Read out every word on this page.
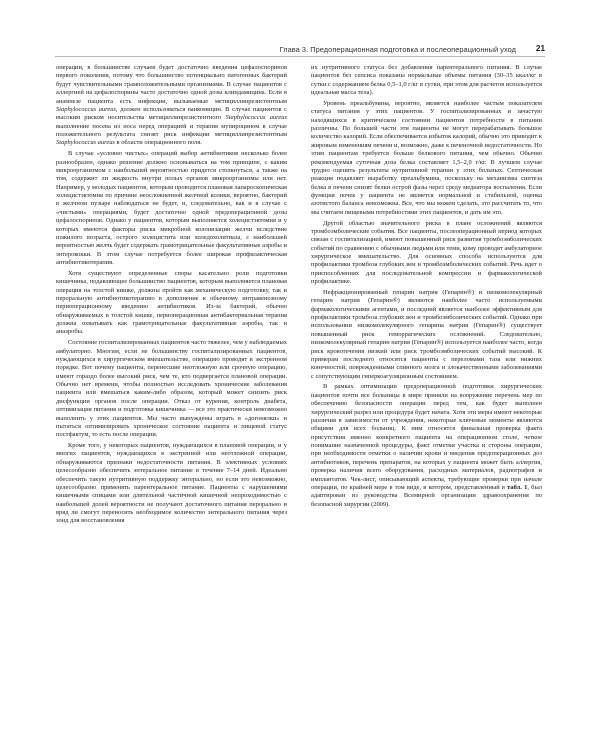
Глава 3. Предоперационная подготовка и послеоперационный уход 21

операции, в большинстве случаев будет достаточно введения цефалоспоринов первого поколения, потому что большинство потенциально патогенных бактерий будут чувствительными грамположительными организмами. В случае пациентов с аллергией на цефалоспорины часто достаточно одной дозы клиндамицина. Если в анамнезе пациента есть инфекции, вызываемые метициллинрезистентным Staphylococcus aureus, должен использоваться ванкомицин. В случае пациентов с высоким риском носительства метициллинрезистентного Staphylococcus aureus выполнение посева из носа перед операцией и терапия мупироцином в случае положительного результата снизят риск инфекции метициллинрезистентным Staphylococcus aureus в области операционного поля.

В случае «условно чистых» операций выбор антибиотиков несколько более разнообразен, однако решение должно основываться на том принципе, с каким микроорганизмом с наибольшей вероятностью придется столкнуться, а также на том, содержит ли жидкость внутри полых органов микроорганизмы или нет. Например, у молодых пациентов, которым проводится плановая лапароскопическая холецистэктомия по причине неосложненной желчной колики, вероятно, бактерий в желчном пузыре наблюдаться не будет, и, следовательно, как и в случае с «чистыми» операциями, будет достаточно одной предоперационной дозы цефалоспоринов. Однако у пациентов, которым выполняется холецистэктомия и у которых имеются факторы риска микробной колонизации желчи вследствие пожилого возраста, острого холецистита или холедохолитиаза, с наибольшей вероятностью желчь будет содержать грамотрицательные факультативные аэробы и энтерококки. В этом случае потребуется более широкая профилактическая антибиотикотерапия.

Хотя существуют определенные споры касательно роли подготовки кишечника, подавляющее большинство пациентов, которым выполняется плановая операция на толстой кишке, должны пройти как механическую подготовку, так и пероральную антибиотикотерапию в дополнение к обычному интравенозному периоперационному введению антибиотиков. Из-за бактерий, обычно обнаруживаемых в толстой кишке, периоперационная антибактериальная терапия должна охватывать как грамотрицательные факультативные аэробы, так и анаэробы.

Состояние госпитализированных пациентов часто тяжелее, чем у наблюдаемых амбулаторно. Многим, если не большинству госпитализированных пациентов, нуждающихся в хирургическом вмешательстве, операцию проводят в экстренном порядке. Вот почему пациенты, перенесшие неотложную или срочную операцию, имеют гораздо более высокий риск, чем те, кто подвергается плановой операции. Обычно нет времени, чтобы полностью исследовать хронические заболевания пациента или вмешаться каким-либо образом, который может снизить риск дисфункции органов после операции. Отказ от курения, контроль диабета, оптимизация питания и подготовка кишечника — все это практически невозможно выполнить у этих пациентов. Мы часто вынуждены играть в «догонялки» и пытаться оптимизировать хроническое состояние пациента и пищевой статус постфактум, то есть после операции.

Кроме того, у некоторых пациентов, нуждающихся в плановой операции, и у многих пациентов, нуждающихся в экстренной или неотложной операции, обнаруживаются признаки недостаточности питания. В элективных условиях целесообразно обеспечить энтеральное питание в течение 7–14 дней. Идеально обеспечить такую нутритивную поддержку энтерально, но если это невозможно, целесообразно применять парентеральное питание. Пациенты с нарушениями кишечными спицами или длительной частичной кишечной непроходимостью с наибольшей долей вероятности не получают достаточного питания перорально и вряд ли смогут переносить необходимое количество энтерального питания через зонд для восстановления

их нутритивного статуса без добавления парентерального питания. В случае пациентов без сепсиса показаны нормальные объемы питания (30–35 ккал/кг в сутки с содержанием белка 0,5–1,0 г/кг в сутки, при этом для расчетов используется идеальная масса тела).

Уровень преальбумина, вероятно, является наиболее частым показателем статуса питания у этих пациентов. У госпитализированных и зачастую находящихся в критическом состоянии пациентов потребности в питании различны. По большей части эти пациенты не могут перерабатывать большое количество калорий. Если обеспечивается избыток калорий, обычно это приводит к жировым изменениям печени и, возможно, даже к печеночной недостаточности. Но этим пациентам требуется больше белкового питания, чем обычно. Обычно рекомендуемая суточная доза белка составляет 1,5–2,0 г/кг. В лучшем случае трудно оценить результаты нутритивной терапии у этих больных. Септическая реакция подавляет выработку преальбумина, поскольку на механизмы синтеза белка в печени снизят белки острой фазы через среду медиатора воспаления. Если функция почек у пациента не является нормальной и стабильной, оценка азотистого баланса невозможна. Все, что мы можем сделать, это рассчитать то, что мы считаем пищевыми потребностями этих пациентов, и дать им это.

Другой областью значительного риска в плане осложнений являются тромбоэмболические события. Все пациенты, послеоперационный период которых связан с госпитализацией, имеют повышенный риск развития тромбоэмболических событий по сравнению с обычными людьми или теми, кому проводят амбулаторное хирургическое вмешательство. Для основных способа используются для профилактики тромбоза глубоких вен и тромбоэмболических событий. Речь идет о приспособлениях для последовательной компрессии и фармакологической профилактике.

Нефракционированный гепарин натрия (Гепарин®) и низкомолекулярный гепарин натрия (Гепарин®) являются наиболее часто используемыми фармакологическими агентами, и последний является наиболее эффективным для профилактики тромбоза глубоких вен и тромбоэмболических событий. Однако при использовании низкомолекулярного гепарина натрия (Гепарин®) существует повышенный риск геморрагических осложнений. Следовательно, низкомолекулярный гепарин натрия (Гепарин®) используется наиболее часто, когда риск кровотечения низкий или риск тромбоэмболических событий высокий. К примерам последнего относятся пациенты с переломами таза или нижних конечностей, поврежденными спинного мозга и злокачественными заболеваниями с сопутствующим гиперкоагуляционным состоянием.

В рамках оптимизации предоперационной подготовки хирургических пациентов почти все больницы в мире приняли на вооружение перечень мер по обеспечению безопасности операции перед тем, как будет выполнен хирургический разрез или процедура будет начата. Хотя эти меры имеют некоторые различия в зависимости от учреждения, некоторые ключевые моменты являются общими для всех больниц. К ним относятся финальная проверка факта присутствия именно конкретного пациента на операционном столе, четкое понимание назначенной процедуры, факт отметки участка и стороны операции, при необходимости отметки о наличии крови и введения предоперационных доз антибиотиков, перечень препаратов, на которых у пациента может быть аллергия, проверка наличия всего оборудования, расходных материалов, радиографов и имплантатов. Чек-лист, описывающий аспекты, требующие проверки при начале операции, по крайней мере в том виде, в котором, представленный в табл. 1, был адаптирован из руководства Всемирной организации здравоохранения по безопасной хирургии (2009).
